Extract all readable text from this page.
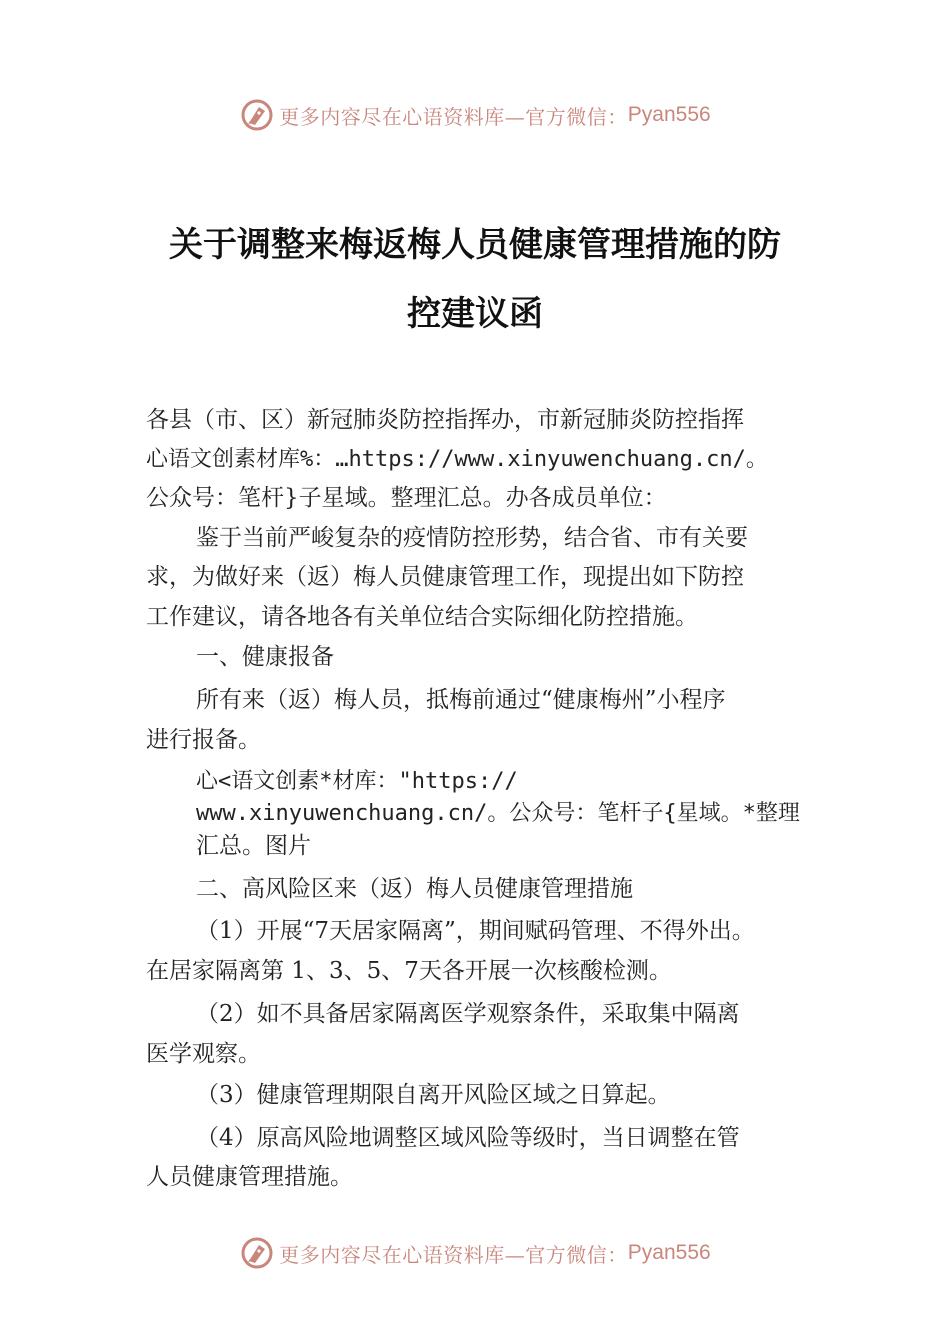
更多内容尽在心语资料库—官方微信： Pyan556
关于调整来梅返梅人员健康管理措施的防
控建议函
各县（市、区）新冠肺炎防控指挥办，市新冠肺炎防控指挥
心语文创素材库%：…https://www.xinyuwenchuang.cn/。
公众号：笔杆}子星域。整理汇总。办各成员单位：
鉴于当前严峻复杂的疫情防控形势，结合省、市有关要
求，为做好来（返）梅人员健康管理工作，现提出如下防控
工作建议，请各地各有关单位结合实际细化防控措施。
一、健康报备
所有来（返）梅人员，抵梅前通过“健康梅州”小程序
进行报备。
心<语文创素*材库："https://
www.xinyuwenchuang.cn/。公众号：笔杆子{星域。*整理
汇总。图片
二、高风险区来（返）梅人员健康管理措施
（1）开展“7天居家隔离”，期间赋码管理、不得外出。
在居家隔离第 1、3、5、7天各开展一次核酸检测。
（2）如不具备居家隔离医学观察条件，采取集中隔离
医学观察。
（3）健康管理期限自离开风险区域之日算起。
（4）原高风险地调整区域风险等级时，当日调整在管
人员健康管理措施。
更多内容尽在心语资料库—官方微信： Pyan556
